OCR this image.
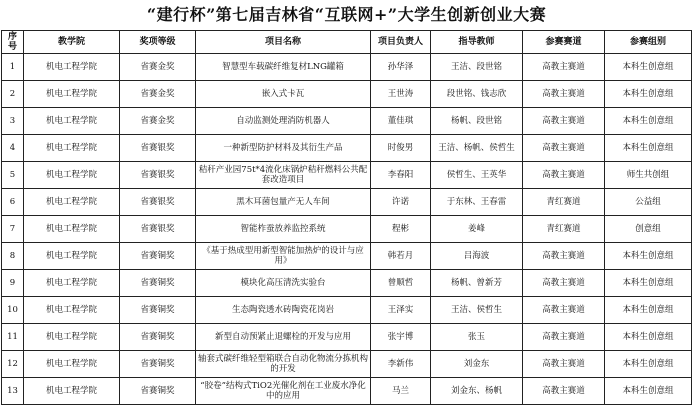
“建行杯”第七届吉林省“互联网+”大学生创新创业大赛
序号	教学院	奖项等级	项目名称	项目负责人	指导教师	参赛赛道	参赛组别
1	机电工程学院	省赛金奖	智慧型车载碳纤维复材LNG罐箱	孙华泽	王洁、段世铭	高教主赛道	本科生创意组
2	机电工程学院	省赛金奖	嵌入式卡瓦	王世涛	段世铭、钱志欣	高教主赛道	本科生创意组
3	机电工程学院	省赛金奖	自动监测处理消防机器人	董佳琪	杨帆、段世铭	高教主赛道	本科生创意组
4	机电工程学院	省赛银奖	一种新型防护材料及其衍生产品	时俊男	王洁、杨帆、侯哲生	高教主赛道	本科生创意组
5	机电工程学院	省赛银奖	秸秆产业园75t*4流化床锅炉秸秆燃料公共配套改造项目	李春阳	侯哲生、王英华	高教主赛道	师生共创组
6	机电工程学院	省赛银奖	黑木耳菌包量产无人车间	许诺	于东林、王春雷	青红赛道	公益组
7	机电工程学院	省赛银奖	智能柞蚕放养监控系统	程彬	姜峰	青红赛道	创意组
8	机电工程学院	省赛铜奖	《基于热成型用新型智能加热炉的设计与应用》	韩若月	吕海波	高教主赛道	本科生创意组
9	机电工程学院	省赛铜奖	模块化高压清洗实验台	曾顺哲	杨帆、曾新芳	高教主赛道	本科生创意组
10	机电工程学院	省赛铜奖	生态陶瓷透水砖陶瓷花岗岩	王泽实	王洁、侯哲生	高教主赛道	本科生创意组
11	机电工程学院	省赛铜奖	新型自动预紧止退螺栓的开发与应用	张宇博	张玉	高教主赛道	本科生创意组
12	机电工程学院	省赛铜奖	轴套式碳纤维轻型箱联合自动化物流分拣机构的开发	李新伟	刘金东	高教主赛道	本科生创意组
13	机电工程学院	省赛铜奖	“胶卷”结构式TiO2光催化剂在工业废水净化中的应用	马兰	刘金东、杨帆	高教主赛道	本科生创意组
